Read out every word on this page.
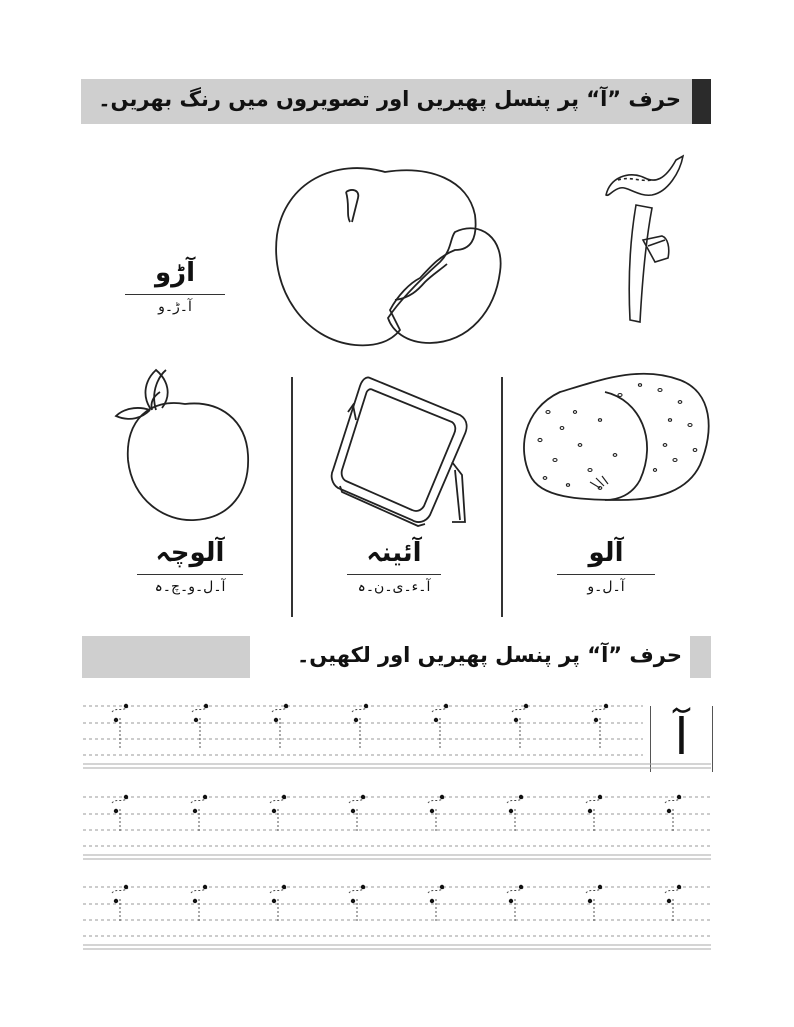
حرف ”آ“ پر پنسل پھیریں اور تصویروں میں رنگ بھریں۔
آڑو
آ۔ڑ۔و
آلوچہ
آ۔ل۔و۔چ۔ہ
آئینہ
آ۔ء۔ی۔ن۔ہ
آلو
آ۔ل۔و
حرف ”آ“ پر پنسل پھیریں اور لکھیں۔
آ
